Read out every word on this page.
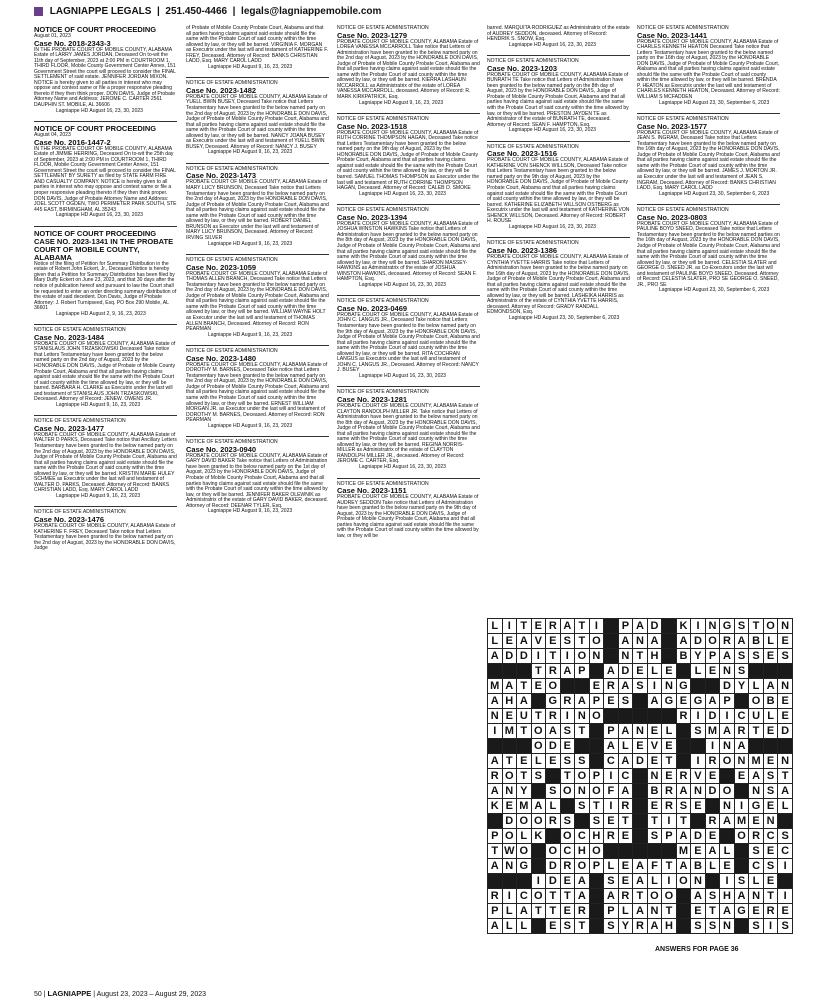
LAGNIAPPE LEGALS  |  251.450-4466  |  legals@lagniappemobile.com
NOTICE OF COURT PROCEEDING
August 01, 2023
Case No. 2018-2343-3
IN THE PROBATE COURT OF MOBILE COUNTY, ALABAMA Estate of LARRY JAMES JORDAN, Deceased On to-wit the 11th day of September, 2023 at 2:00 PM in COURTROOM 1, THIRD FLOOR, Mobile County Government Center Annex, 151 Government Street the court will proceed to consider the FINAL SETTLEMENT of said estate. JENNIFER JORDAN MIXON. NOTICE is hereby given to all parties in interest who may oppose and contest same or file a proper responsive pleading thereto if they then think proper. DON DAVIS, Judge of Probate Attorney Name and Address: JEROME C. CARTER 2561 DAUPHIN ST. MOBILE, AL 36606
Lagniappe HD August 16, 23, 30, 2023
NOTICE OF COURT PROCEEDING
August 04, 2023
Case No. 2016-1447-2
IN THE PROBATE COURT OF MOBILE COUNTY, ALABAMA Estate of JIMMIE HERRING, Deceased On to-wit the 25th day of September, 2023 at 2:00 PM in COURTROOM 1, THIRD FLOOR, Mobile County Government Center Annex, 151 Government Street the court will proceed to consider the FINAL SETTLEMENT BY SURETY as filed by STATE FARM FIRE AND CASUALTY COMPANY. NOTICE is hereby given to all parties in interest who may oppose and contest same or file a proper responsive pleading thereto if they then think proper. DON DAVIS, Judge of Probate Attorney Name and Address: JOEL SCOTT OGDEN, TWO PERIMETER PARK SOUTH, STE 445 EAST, BIRMINGHAM, AL 35243
Lagniappe HD August 16, 23, 30, 2023
NOTICE OF COURT PROCEEDING CASE NO. 2023-1341 IN THE PROBATE COURT OF MOBILE COUNTY, ALABAMA
Notice of the filing of Petition for Summary Distribution in the estate of Robert John Eckert, Jr., Deceased Notice is hereby given that a Petition for Summary Distribution has been filed by Mary Duffy Eckert on June 23, 2023, and that 30 days after the notice of publication hereof and pursuant to law the Court shall be requested to enter an order directing summary distribution of the estate of said decedent. Don Davis, Judge of Probate Attorney: J. Robert Turnipseed, Esq. PO Box 290 Mobile, AL 36601
Lagniappe HD August 2, 9, 16, 23, 2023
NOTICE OF ESTATE ADMINISTRATION
Case No. 2023-1484
PROBATE COURT OF MOBILE COUNTY, ALABAMA Estate of STANISLAUS JOHN TRZASKOWSKI Deceased Take notice that Letters Testamentary have been granted to the below named party on the 2nd day of August, 2023 by the HONORABLE DON DAVIS, Judge of Probate of Mobile County Probate Court, Alabama and that all parties having claims against said estate should file the same with the Probate Court of said county within the time allowed by law, or they will be barred. BARBARA H. CLARKE as Executrix under the last will and testament of STANISLAUS JOHN TRZASKOWSKI, Deceased. Attorney of Record: JENEW. OWENS JR.
Lagniappe HD August 9, 16, 23, 2023
NOTICE OF ESTATE ADMINISTRATION
Case No. 2023-1477
PROBATE COURT OF MOBILE COUNTY, ALABAMA Estate of WALTER D PARKS, Deceased Take notice that Ancillary Letters Testamentary have been granted to the below named party on the 2nd day of August, 2023 by the HONORABLE DON DAVIS, Judge of Probate of Mobile County Probate Court, Alabama and that all parties having claims against said estate should file the same with the Probate Court of said county within the time allowed by law, or they will be barred. KRISTIN MARIE HULEY SCHMEE as Executrix under the last will and testament of WALTER D. PARKS, Deceased. Attorney of Record: BANKS CHRISTIAN LADD, Esq. MARY CAROL LADD
Lagniappe HD August 9, 16, 23, 2023
NOTICE OF ESTATE ADMINISTRATION
Case No. 2023-1476
PROBATE COURT OF MOBILE COUNTY, ALABAMA Estate of KATHERINE F. FREY, Deceased Take notice that Letters Testamentary have been granted to the below named party on the 2nd day of August, 2023 by the HONORABLE DON DAVIS, Judge
of Probate of Mobile County Probate Court, Alabama and that all parties having claims against said estate should file the same with the Probate Court of said county within the time allowed by law, or they will be barred. VIRGINIA F. MORGAN as Executrix under the last will and testament of KATHERINE F. FREY, Deceased. Attorney of Record: BANKS CHRISTIAN LADD, Esq. MARY CAROL LADD
Lagniappe HD August 9, 16, 23, 2023
NOTICE OF ESTATE ADMINISTRATION
Case No. 2023-1482
PROBATE COURT OF MOBILE COUNTY, ALABAMA Estate of YUELL BWIN BUSEY, Deceased Take notice that Letters Testamentary have been granted to the below named party on the 2nd day of August, 2023 by the HONORABLE DON DAVIS, Judge of Probate of Mobile County Probate Court, Alabama and that all parties having claims against said estate should file the same with the Probate Court of said county within the time allowed by law, or they will be barred. NANCY JOANA BUSEY as Executrix under the last will and testament of YUELL BWIN BUSEY, Deceased. Attorney of Record: NANCY J. BUSEY
Lagniappe HD August 9, 16, 23, 2023
NOTICE OF ESTATE ADMINISTRATION
Case No. 2023-1473
PROBATE COURT OF MOBILE COUNTY, ALABAMA Estate of MARY LUCY BRUNSON, Deceased Take notice that Letters Testamentary have been granted to the below named party on the 2nd day of August, 2023 by the HONORABLE DON DAVIS, Judge of Probate of Mobile County Probate Court, Alabama and that all parties having claims against said estate should file the same with the Probate Court of said county within the time allowed by law, or they will be barred. ROBERT DANIEL BRUNSON as Executor under the last will and testament of MARY LUCY BRUNSON, Deceased. Attorney of Record: IRVING SILVER
Lagniappe HD August 9, 16, 23, 2023
NOTICE OF ESTATE ADMINISTRATION
Case No. 2023-1059
PROBATE COURT OF MOBILE COUNTY, ALABAMA Estate of THOMAS ALLEN BRANCH, Deceased Take notice that Letters Testamentary have been granted to the below named party on the 2nd day of August, 2023 by the HONORABLE DON DAVIS, Judge of Probate of Mobile County Probate Court, Alabama and that all parties having claims against said estate should file the same with the Probate Court of said county within the time allowed by law, or they will be barred. WILLIAM WAYNE HOLT as Executor under the last will and testament of THOMAS ALLEN BRANCH, Deceased. Attorney of Record: RON PEARMAN
Lagniappe HD August 9, 16, 23, 2023
NOTICE OF ESTATE ADMINISTRATION
Case No. 2023-1480
PROBATE COURT OF MOBILE COUNTY, ALABAMA Estate of DOROTHY M. BARNES, Deceased Take notice that Letters Testamentary have been granted to the below named party on the 2nd day of August, 2023 by the HONORABLE DON DAVIS, Judge of Probate of Mobile County Probate Court, Alabama and that all parties having claims against said estate should file the same with the Probate Court of said county within the time allowed by law, or they will be barred. ERNEST WILLIAM MORGAN JR. as Executor under the last will and testament of DOROTHY M. BARNES, Deceased. Attorney of Record: RON PEARMAN
Lagniappe HD August 9, 16, 23, 2023
NOTICE OF ESTATE ADMINISTRATION
Case No. 2023-0940
PROBATE COURT OF MOBILE COUNTY, ALABAMA Estate of GARY DAVID BAKER Take notice that Letters of Administration have been granted to the below named party on the 1st day of August, 2023 by the HONORABLE DON DAVIS, Judge of Probate of Mobile County Probate Court, Alabama and that all parties having claims against said estate should file the same with the Probate Court of said county within the time allowed by law, or they will be barred. JENNIFER BAKER OLEWNIK as Administratrix of the estate of GARY DAVID BAKER, deceased. Attorney of Record: DEENAR TYLER, Esq.
Lagniappe HD August 9, 16, 23, 2023
NOTICE OF ESTATE ADMINISTRATION
Case No. 2023-1279
PROBATE COURT OF MOBILE COUNTY, ALABAMA Estate of LOREA VANESSA MCCARROLL Take notice that Letters of Administration have been granted to the below named party on the 2nd day of August, 2023 by the HONORABLE DON DAVIS, Judge of Probate of Mobile County Probate Court, Alabama and that all parties having claims against said estate should file the same with the Probate Court of said county within the time allowed by law, or they will be barred. KIERRA LASHAUN MCCARROLL as Administratrix of the estate of LOREA VANESSA MCCARROLL, deceased. Attorney of Record: R. MARK KIRKPATRICK, Esq.
Lagniappe HD August 9, 16, 23, 2023
NOTICE OF ESTATE ADMINISTRATION
Case No. 2023-1518
PROBATE COURT OF MOBILE COUNTY, ALABAMA Estate of RUTH CORRINE THOMPSON HAGAN, Deceased Take notice that Letters Testamentary have been granted to the below named party on the 9th day of August, 2023 by the HONORABLE DON DAVIS, Judge of Probate of Mobile County Probate Court, Alabama and that all parties having claims against said estate should file the same with the Probate Court of said county within the time allowed by law, or they will be barred. SAMUEL THOMAS THOMPSON as Executor under the last will and testament of RUTH CORRINE THOMPSON HAGAN, Deceased. Attorney of Record: CALEB O. SMOKE
Lagniappe HD August 16, 23, 30, 2023
NOTICE OF ESTATE ADMINISTRATION
Case No. 2023-1394
PROBATE COURT OF MOBILE COUNTY, ALABAMA Estate of JOSHUA WINSTON HAWKINS Take notice that Letters of Administration have been granted to the below named party on the 8th day of August, 2023 by the HONORABLE DON DAVIS, Judge of Probate of Mobile County Probate Court, Alabama and that all parties having claims against said estate should file the same with the Probate Court of said county within the time allowed by law, or they will be barred. SHARON MASSEY-HAWKINS as Administratrix of the estate of JOSHUA WINSTON HAWKINS, deceased. Attorney of Record: SEAN F. HAMPTON, Esq.
Lagniappe HD August 16, 23, 30, 2023
NOTICE OF ESTATE ADMINISTRATION
Case No. 2023-0469
PROBATE COURT OF MOBILE COUNTY, ALABAMA Estate of JOHN C. LANGUS JR., Deceased Take notice that Letters Testamentary have been granted to the below named party on the 9th day of August, 2023 by the HONORABLE DON DAVIS, Judge of Probate of Mobile County Probate Court, Alabama and that all parties having claims against said estate should file the same with the Probate Court of said county within the time allowed by law, or they will be barred. RITA COCHRAN LANGUS as Executrix under the last will and testament of JOHN C. LANGUS JR., Deceased. Attorney of Record: NANCY J. BUSEY
Lagniappe HD August 16, 23, 30, 2023
NOTICE OF ESTATE ADMINISTRATION
Case No. 2023-1281
PROBATE COURT OF MOBILE COUNTY, ALABAMA Estate of CLAYTON RANDOLPH MILLER JR. Take notice that Letters of Administration have been granted to the below named party on the 8th day of August, 2023 by the HONORABLE DON DAVIS, Judge of Probate of Mobile County Probate Court, Alabama and that all parties having claims against said estate should file the same with the Probate Court of said county within the time allowed by law, or they will be barred. REGINA NORRIS-MILLER as Administratrix of the estate of CLAYTON RANDOLPH MILLER JR., deceased. Attorney of Record: JEROME C. CARTER, Esq.
Lagniappe HD August 16, 23, 30, 2023
NOTICE OF ESTATE ADMINISTRATION
Case No. 2023-1151
PROBATE COURT OF MOBILE COUNTY, ALABAMA Estate of AUDREY SEDDON Take notice that Letters of Administration have been granted to the below named party on the 9th day of August, 2023 by the HONORABLE DON DAVIS, Judge of Probate of Mobile County Probate Court, Alabama and that all parties having claims against said estate should file the same with the Probate Court of said county within the time allowed by law, or they will be
barred. MARQUITA RODRIGUEZ as Administratrix of the estate of AUDREY SEDDON, deceased. Attorney of Record: HENDRIK S. SNOW, Esq.
Lagniappe HD August 16, 23, 30, 2023
NOTICE OF ESTATE ADMINISTRATION
Case No. 2023-1203
PROBATE COURT OF MOBILE COUNTY, ALABAMA Estate of BUNRATH TE Take notice that Letters of Administration have been granted to the below named party on the 8th day of August, 2023 by the HONORABLE DON DAVIS, Judge of Probate of Mobile County Probate Court, Alabama and that all parties having claims against said estate should file the same with the Probate Court of said county within the time allowed by law, or they will be barred. PRESTON JAYDEN TE as Administrator of the estate of BUNRATH TE, deceased. Attorney of Record: SEAN F. HAMPTON, Esq.
Lagniappe HD August 16, 23, 30, 2023
NOTICE OF ESTATE ADMINISTRATION
Case No. 2023-1516
PROBATE COURT OF MOBILE COUNTY, ALABAMA Estate of KATHERINE VON SHENCK WILLSON, Deceased Take notice that Letters Testamentary have been granted to the below named party on the 9th day of August, 2023 by the HONORABLE DON DAVIS, Judge of Probate of Mobile County Probate Court, Alabama and that all parties having claims against said estate should file the same with the Probate Court of said county within the time allowed by law, or they will be barred. KATHERINE ELIZABETH WILLSON OSTBERG as Executrix under the last will and testament of KATHERINE VON SHENCK WILLSON, Deceased. Attorney of Record: ROBERT H. ROUSE
Lagniappe HD August 16, 23, 30, 2023
NOTICE OF ESTATE ADMINISTRATION
Case No. 2023-1386
PROBATE COURT OF MOBILE COUNTY, ALABAMA Estate of CYNTHIA YVETTE HARRIS Take notice that Letters of Administration have been granted to the below named party on the 16th day of August, 2023 by the HONORABLE DON DAVIS, Judge of Probate of Mobile County Probate Court, Alabama and that all parties having claims against said estate should file the same with the Probate Court of said county within the time allowed by law, or they will be barred. LASHEIKA HARRIS as Administratrix of the estate of CYNTHIA YVETTE HARRIS, deceased. Attorney of Record: GRADY RANDALL EDMONDSON, Esq.
Lagniappe HD August 23, 30, September 6, 2023
NOTICE OF ESTATE ADMINISTRATION
Case No. 2023-1441
PROBATE COURT OF MOBILE COUNTY, ALABAMA Estate of CHARLES KENNETH HEATON Deceased Take notice that Letters Testamentary have been granted to the below named party on the 16th day of August, 2023 by the HONORABLE DON DAVIS, Judge of Probate of Mobile County Probate Court, Alabama and that all parties having claims against said estate should file the same with the Probate Court of said county within the time allowed by law, or they will be barred. BRENDA P. HEATON as Executrix under the last will and testament of CHARLES KENNETH HEATON, Deceased. Attorney of Record: WILLIAM S MCFADDEN
Lagniappe HD August 23, 30, September 6, 2023
NOTICE OF ESTATE ADMINISTRATION
Case No. 2023-1577
PROBATE COURT OF MOBILE COUNTY, ALABAMA Estate of JEAN S. INGRAM, Deceased Take notice that Letters Testamentary have been granted to the below named party on the 16th day of August, 2023 by the HONORABLE DON DAVIS, Judge of Probate of Mobile County Probate Court, Alabama and that all parties having claims against said estate should file the same with the Probate Court of said county within the time allowed by law, or they will be barred. JAMES J. MORTON JR. as Executor under the last will and testament of JEAN S. INGRAM, Deceased. Attorney of Record: BANKS CHRISTIAN LADD, Esq. MARY CAROL LADD
Lagniappe HD August 23, 30, September 6, 2023
NOTICE OF ESTATE ADMINISTRATION
Case No. 2023-0803
PROBATE COURT OF MOBILE COUNTY, ALABAMA Estate of PAULINE BOYD SNEED, Deceased Take notice that Letters Testamentary have been granted to the below named parties on the 16th day of August, 2023 by the HONORABLE DON DAVIS, Judge of Probate of Mobile County Probate Court, Alabama and that all parties having claims against said estate should file the same with the Probate Court of said county within the time allowed by law, or they will be barred. CELESTIA SLATER and GEORGE O. SNEED JR. as Co-Executors under the last will and testament of PAULINE BOYD SNEED, Deceased. Attorney of Record: CELESTIA SLATER, PRO SE GEORGE O. SNEED, JR., PRO SE
Lagniappe HD August 23, 30, September 6, 2023
L	I	T	E	R	A	T	I		P	A	D		K	I	N	G	S	T	O	N
L	E	A	V	E	S	T	O		A	N	A		A	D	O	R	A	B	L	E
A	D	D	I	T	I	O	N		N	T	H		B	Y	P	A	S	S	E	S
			T	R	A	P		A	D	E	L	E		L	E	N	S			
M	A	T	E	O			E	R	A	S	I	N	G			D	Y	L	A	N
A	H	A		G	R	A	P	E	S		A	G	E	G	A	P		O	B	E
N	E	U	T	R	I	N	O						R	I	D	I	C	U	L	E
I	M	T	O	A	S	T		P	A	N	E	L		S	M	A	R	T	E	D
			O	D	E			A	L	E	V	E			I	N	A			
A	T	E	L	E	S	S		C	A	D	E	T		I	R	O	N	M	E	N
R	O	T	S		T	O	P	I	C		N	E	R	V	E		E	A	S	T
A	N	Y		S	O	N	O	F	A		B	R	A	N	D	O		N	S	A
K	E	M	A	L		S	T	I	R		E	R	S	E		N	I	G	E	L
	D	O	O	R	S		S	E	T		T	I	T		R	A	M	E	N	
P	O	L	K		O	C	H	R	E		S	P	A	D	E		O	R	C	S
T	W	O		O	C	H	O						M	E	A	L		S	E	C
A	N	G		D	R	O	P	L	E	A	F	T	A	B	L	E		C	S	I
			I	D	E	A		S	E	A	L	I	O	N		I	S	L	E	
R	I	C	O	T	T	A		A	R	T	O	O		A	S	H	A	N	T	I
P	L	A	T	T	E	R		P	L	A	N	T		E	T	A	G	E	R	E
A	L	L		E	S	T		S	Y	R	A	H		S	S	N		S	I	S
ANSWERS FOR PAGE 36
50 | LAGNIAPPE | August 23, 2023 – August 29, 2023
